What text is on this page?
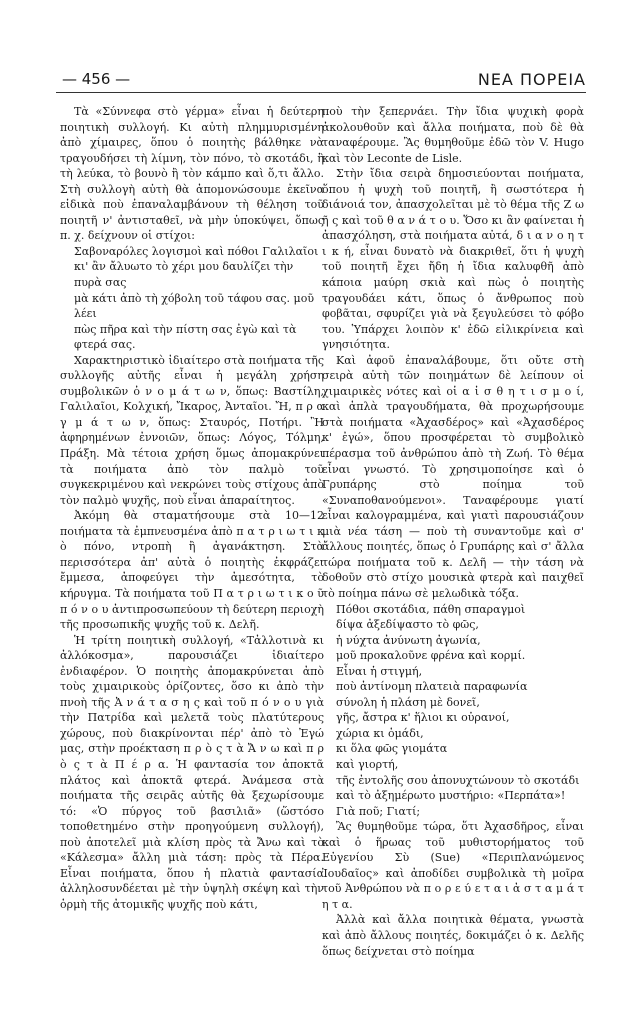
— 456 —	ΝΕΑ ΠΟΡΕΙΑ
Τὰ «Σύννεφα στὸ γέρμα» εἶναι ἡ δεύτερη ποιητικὴ συλλογή. Κι αὐτὴ πλημμυρισμένη ἀπὸ χίμαιρες, ὅπου ὁ ποιητὴς βάλθηκε νὰ τραγουδήσει τὴ λίμνη, τὸν πόνο, τὸ σκοτάδι, ἣ τὴ λεύκα, τὸ βουνὸ ἢ τὸν κάμπο καὶ ὅ,τι ἄλλο. Στὴ συλλογὴ αὐτὴ θὰ ἀπομονώσουμε ἐκεῖνα εἰδικὰ ποὺ ἐπαναλαμβάνουν τὴ θέληση τοῦ ποιητῆ ν' ἀντισταθεῖ, νὰ μὴν ὑποκύψει, ὅπως π. χ. δείχνουν οἱ στίχοι:
Σαβοναρόλες λογισμοὶ καὶ πόθοι Γαλιλαῖοι
κι' ἂν ἄλυωτο τὸ χέρι μου δαυλίζει τὴν πυρὰ σας
μὰ κάτι ἀπὸ τὴ χόβολη τοῦ τάφου σας. μοῦ λέει
πὼς πῆρα καὶ τὴν πίστη σας ἐγὼ καὶ τὰ φτερά σας.
Χαρακτηριστικὸ ἰδιαίτερο στὰ ποιήματα τῆς συλλογῆς αὐτῆς εἶναι ἡ μεγάλη χρήση συμβολικῶν ὀ ν ο μ ά τ ω ν, ὅπως: Βαστίλη, Γαλιλαῖοι, Κολχική, Ἴκαρος, Ἀνταῖοι. Ἤ, π ρ α γ μ ά τ ω ν, ὅπως: Σταυρός, Ποτήρι. Ἢ ἀφηρημένων ἐννοιῶν, ὅπως: Λόγος, Τόλμη, Πράξη. Μὰ τέτοια χρήση ὅμως ἀπομακρύνει τὰ ποιήματα ἀπὸ τὸν παλμὸ τοῦ συγκεκριμένου καὶ νεκρώνει τοὺς στίχους ἀπὸ τὸν παλμὸ ψυχῆς, ποὺ εἶναι ἀπαραίτητος.
Ἀκόμη θὰ σταματήσουμε στὰ 10—12 ποιήματα τὰ ἐμπνευσμένα ἀπὸ π α τ ρ ι ω τ ι κ ὸ πόνο, ντροπὴ ἢ ἀγανάκτηση. Στὰ περισσότερα ἀπ' αὐτὰ ὁ ποιητὴς ἐκφράζει ἔμμεσα, ἀποφεύγει τὴν ἀμεσότητα, τὸ κήρυγμα. Τὰ ποιήματα τοῦ Π α τ ρ ι ω τ ι κ ο ῦ π ό ν ο υ ἀντιπροσωπεύουν τὴ δεύτερη περιοχὴ τῆς προσωπικῆς ψυχῆς τοῦ κ. Δελῆ.
Ἡ τρίτη ποιητικὴ συλλογή, «Τἀλλοτινὰ κι ἀλλόκοσμα», παρουσιάζει ἰδιαίτερο ἐνδιαφέρον. Ὁ ποιητὴς ἀπομακρύνεται ἀπὸ τοὺς χιμαιρικοὺς ὁρίζοντες, ὅσο κι ἀπὸ τὴν πνοὴ τῆς Ἀ ν ά τ α σ η ς καὶ τοῦ π ό ν ο υ γιὰ τὴν Πατρίδα καὶ μελετᾶ τοὺς πλατύτερους χώρους, ποὺ διακρίνονται πέρ' ἀπὸ τὸ Ἐγώ μας, στὴν προέκταση π ρ ὸ ς τ ὰ Ἄ ν ω καὶ π ρ ὸ ς τ ὰ Π έ ρ α. Ἡ φαντασία τον ἀποκτᾶ πλάτος καὶ ἀποκτᾶ φτερά. Ἀνάμεσα στὰ ποιήματα τῆς σειρᾶς αὐτῆς θὰ ξεχωρίσουμε τό: «Ὁ πύργος τοῦ βασιλιᾶ» (ὥστόσο τοποθετημένο στὴν προηγούμενη συλλογή), ποὺ ἀποτελεῖ μιὰ κλίση πρὸς τὰ Ἄνω καὶ τὸ «Κάλεσμα» ἄλλη μιὰ τάση: πρὸς τὰ Πέρα. Εἶναι ποιήματα, ὅπου ἡ πλατιὰ φαντασία ἀλληλοσυνδέεται μὲ τὴν ὑψηλὴ σκέψη καὶ τὴν ὁρμὴ τῆς ἀτομικῆς ψυχῆς ποὺ κάτι,
ποὺ τὴν ξεπερνάει. Τὴν ἴδια ψυχικὴ φορὰ ἀκολουθοῦν καὶ ἄλλα ποιήματα, ποὺ δὲ θὰ ταναφέρουμε. Ἂς θυμηθοῦμε ἐδῶ τὸν V. Hugo καὶ τὸν Leconte de Lisle.
Στὴν ἴδια σειρὰ δημοσιεύονται ποιήματα, ὅπου ἡ ψυχὴ τοῦ ποιητῆ, ἢ σωστότερα ἡ διάνοιά τον, ἀπασχολεῖται μὲ τὸ θέμα τῆς Ζ ω ῆ ς καὶ τοῦ θ α ν ά τ ο υ. Ὅσο κι ἂν φαίνεται ἡ ἀπασχόληση, στὰ ποιήματα αὐτά, δ ι α ν ο η τ ι κ ή, εἶναι δυνατὸ νὰ διακριθεῖ, ὅτι ἡ ψυχὴ τοῦ ποιητῆ ἔχει ἤδη ἡ ἴδια καλυφθῆ ἀπὸ κάποια μαύρη σκιὰ καὶ πὼς ὁ ποιητὴς τραγουδάει κάτι, ὅπως ὁ ἄνθρωπος ποὺ φοβᾶται, σφυρίζει γιὰ νὰ ξεγυλεύσει τὸ φόβο του. Ὑπάρχει λοιπὸν κ' ἐδῶ εἰλικρίνεια καὶ γνησιότητα.
Καὶ ἀφοῦ ἐπαναλάβουμε, ὅτι οὔτε στὴ σειρὰ αὐτὴ τῶν ποιημάτων δὲ λείπουν οἱ χιμαιρικὲς νότες καὶ οἱ α ἰ σ θ η τ ι σ μ ο ί, καὶ ἁπλὰ τραγουδήματα, θὰ προχωρήσουμε στὰ ποιήματα «Ἀχασδέρος» καὶ «Ἀχασδέρος κ' ἐγώ», ὅπου προσφέρεται τὸ συμβολικὸ πέρασμα τοῦ ἀνθρώπου ἀπὸ τὴ Ζωή. Τὸ θέμα εἶναι γνωστό. Τὸ χρησιμοποίησε καὶ ὁ Γρυπάρης στὸ ποίημα τοῦ «Συναποθανούμενοι». Ταναφέρουμε γιατί εἶναι καλογραμμένα, καὶ γιατὶ παρουσιάζουν μιὰ νέα τάση — ποὺ τὴ συναντοῦμε καὶ σ' ἄλλους ποιητές, ὅπως ὁ Γρυπάρης καὶ σ' ἄλλα τώρα ποιήματα τοῦ κ. Δελῆ — τὴν τάση νὰ δοθοῦν στὸ στίχο μουσικὰ φτερὰ καὶ παιχθεῖ τὸ ποίημα πάνω σὲ μελωδικὰ τόξα.
Πόθοι σκοτάδια, πάθη σπαραγμοὶ
δίψα ἀξεδίψαστο τὸ φῶς,
ἡ νύχτα ἀνύνωτη ἀγωνία,
μοῦ προκαλοῦνε φρένα καὶ κορμί.
Εἶναι ἡ στιγμή,
ποὺ ἀντίνομη πλατειὰ παραφωνία
σύνολη ἡ πλάση μὲ δονεῖ,
γῆς, ἄστρα κ' ἥλιοι κι οὐρανοί,
χώρια κι ὁμάδι,
κι ὅλα φῶς γιομάτα
καὶ γιορτή,
τῆς ἐντολῆς σου ἀπονυχτώνουν τὸ σκοτάδι
καὶ τὸ ἀξημέρωτο μυστήριο: «Περπάτα»!
Γιὰ ποῦ; Γιατί;
Ἂς θυμηθοῦμε τώρα, ὅτι Ἀχασδῆρος, εἶναι καὶ ὁ ἥρωας τοῦ μυθιστορήματος τοῦ Εὐγενίου Σὺ (Sue) «Περιπλανώμενος Ἰουδαῖος» καὶ ἀποδίδει συμβολικὰ τὴ μοῖρα τοῦ Ἀνθρώπου νὰ π ο ρ ε ύ ε τ α ι ἀ σ τ α μ ά τ η τ α.
Ἀλλὰ καὶ ἄλλα ποιητικὰ θέματα, γνωστὰ καὶ ἀπὸ ἄλλους ποιητές, δοκιμάζει ὁ κ. Δελῆς ὅπως δείχνεται στὸ ποίημα
